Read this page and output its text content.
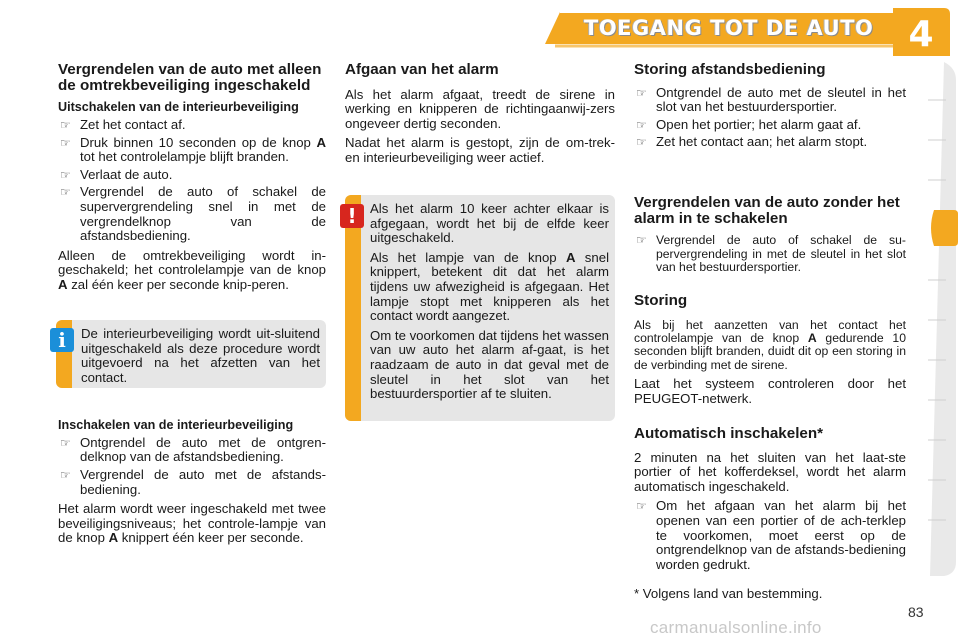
TOEGANG TOT DE AUTO 4
Vergrendelen van de auto met alleen de omtrekbeveiliging ingeschakeld
Uitschakelen van de interieurbeveiliging
☞ Zet het contact af.
☞ Druk binnen 10 seconden op de knop A tot het controlelampje blijft branden.
☞ Verlaat de auto.
☞ Vergrendel de auto of schakel de supervergrendeling snel in met de vergrendelknop van de afstandsbediening.

Alleen de omtrekbeveiliging wordt in-geschakeld; het controlelampje van de knop A zal één keer per seconde knip-peren.

Inschakelen van de interieurbeveiliging
☞ Ontgrendel de auto met de ontgren-delknop van de afstandsbediening.
☞ Vergrendel de auto met de afstands-bediening.

Het alarm wordt weer ingeschakeld met twee beveiligingsniveaus; het controle-lampje van de knop A knippert één keer per seconde.

De interieurbeveiliging wordt uit-sluitend uitgeschakeld als deze procedure wordt uitgevoerd na het afzetten van het contact.
i
Afgaan van het alarm

Als het alarm afgaat, treedt de sirene in werking en knipperen de richtingaanwij-zers ongeveer dertig seconden.

Nadat het alarm is gestopt, zijn de om-trek- en interieurbeveiliging weer actief.

Als het alarm 10 keer achter elkaar is afgegaan, wordt het bij de elfde keer uitgeschakeld.

Als het lampje van de knop A snel knippert, betekent dit dat het alarm tijdens uw afwezigheid is afgegaan. Het lampje stopt met knipperen als het contact wordt aangezet.

Om te voorkomen dat tijdens het wassen van uw auto het alarm af-gaat, is het raadzaam de auto in dat geval met de sleutel in het slot van het bestuurdersportier af te sluiten.

!
Storing afstandsbediening
☞ Ontgrendel de auto met de sleutel in het slot van het bestuurdersportier.
☞ Open het portier; het alarm gaat af.
☞ Zet het contact aan; het alarm stopt.
Vergrendelen van de auto zonder het alarm in te schakelen
☞ Vergrendel de auto of schakel de su-pervergrendeling in met de sleutel in het slot van het bestuurdersportier.
Storing

Als bij het aanzetten van het contact het controlelampje van de knop A gedurende 10 seconden blijft branden, duidt dit op een storing in de verbinding met de sirene.

Laat het systeem controleren door het PEUGEOT-netwerk.

Automatisch inschakelen*

2 minuten na het sluiten van het laat-ste portier of het kofferdeksel, wordt het alarm automatisch ingeschakeld.

☞ Om het afgaan van het alarm bij het openen van een portier of de ach-terklep te voorkomen, moet eerst op de ontgrendelknop van de afstands-bediening worden gedrukt.
* Volgens land van bestemming.
carmanualsonline.info
83
